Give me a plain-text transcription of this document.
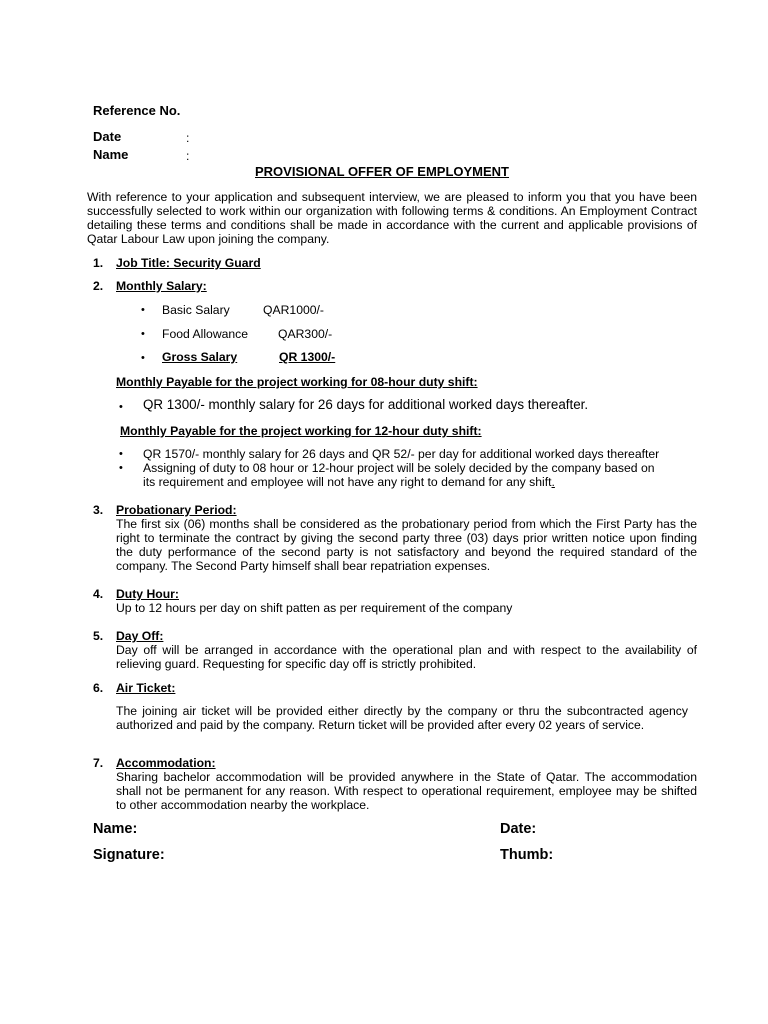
Reference No.
Date	:
Name	:
PROVISIONAL OFFER OF EMPLOYMENT
With reference to your application and subsequent interview, we are pleased to inform you that you have been successfully selected to work within our organization with following terms & conditions. An Employment Contract detailing these terms and conditions shall be made in accordance with the current and applicable provisions of Qatar Labour Law upon joining the company.
1. Job Title: Security Guard
2. Monthly Salary:
• Basic Salary	QAR1000/-
• Food Allowance QAR300/-
• Gross Salary	QR 1300/-
Monthly Payable for the project working for 08-hour duty shift:
• QR 1300/- monthly salary for 26 days for additional worked days thereafter.
Monthly Payable for the project working for 12-hour duty shift:
• QR 1570/- monthly salary for 26 days and QR 52/- per day for additional worked days thereafter
• Assigning of duty to 08 hour or 12-hour project will be solely decided by the company based on
its requirement and employee will not have any right to demand for any shift.
3. Probationary Period:
The first six (06) months shall be considered as the probationary period from which the First Party has the right to terminate the contract by giving the second party three (03) days prior written notice upon finding the duty performance of the second party is not satisfactory and beyond the required standard of the company. The Second Party himself shall bear repatriation expenses.
4. Duty Hour:
Up to 12 hours per day on shift patten as per requirement of the company
5. Day Off:
Day off will be arranged in accordance with the operational plan and with respect to the availability of relieving guard. Requesting for specific day off is strictly prohibited.
6. Air Ticket:
The joining air ticket will be provided either directly by the company or thru the subcontracted agency authorized and paid by the company. Return ticket will be provided after every 02 years of service.
7. Accommodation:
Sharing bachelor accommodation will be provided anywhere in the State of Qatar. The accommodation shall not be permanent for any reason. With respect to operational requirement, employee may be shifted to other accommodation nearby the workplace.
Name:	Date:
Signature:	Thumb:
